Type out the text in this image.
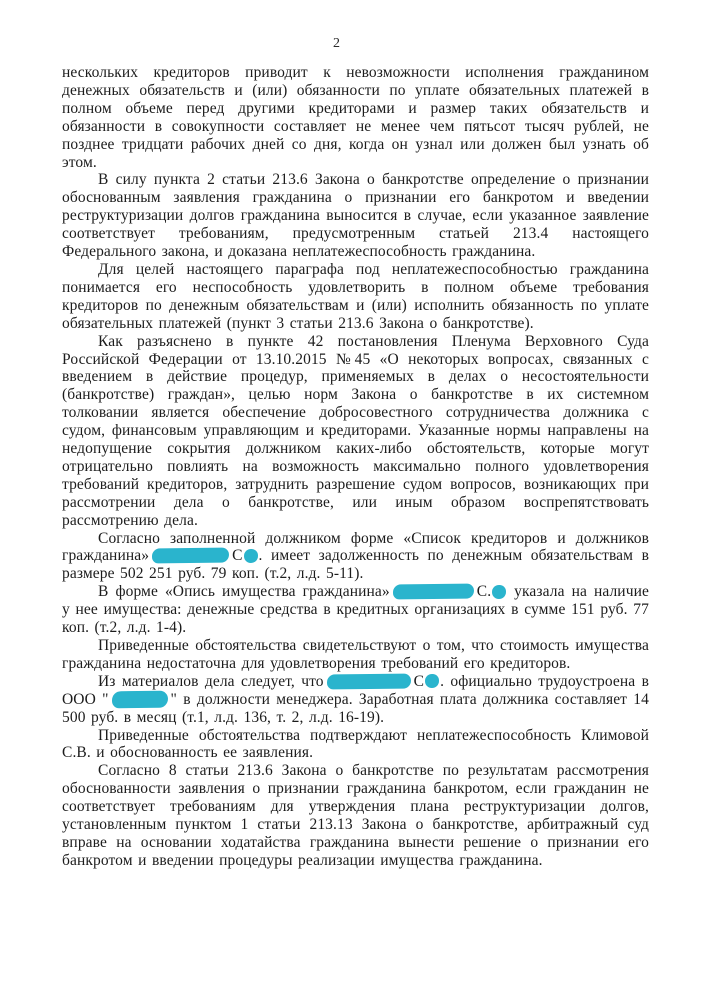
2

нескольких кредиторов приводит к невозможности исполнения гражданином денежных обязательств и (или) обязанности по уплате обязательных платежей в полном объеме перед другими кредиторами и размер таких обязательств и обязанности в совокупности составляет не менее чем пятьсот тысяч рублей, не позднее тридцати рабочих дней со дня, когда он узнал или должен был узнать об этом.

В силу пункта 2 статьи 213.6 Закона о банкротстве определение о признании обоснованным заявления гражданина о признании его банкротом и введении реструктуризации долгов гражданина выносится в случае, если указанное заявление соответствует требованиям, предусмотренным статьей 213.4 настоящего Федерального закона, и доказана неплатежеспособность гражданина.

Для целей настоящего параграфа под неплатежеспособностью гражданина понимается его неспособность удовлетворить в полном объеме требования кредиторов по денежным обязательствам и (или) исполнить обязанность по уплате обязательных платежей (пункт 3 статьи 213.6 Закона о банкротстве).

Как разъяснено в пункте 42 постановления Пленума Верховного Суда Российской Федерации от 13.10.2015 №45 «О некоторых вопросах, связанных с введением в действие процедур, применяемых в делах о несостоятельности (банкротстве) граждан», целью норм Закона о банкротстве в их системном толковании является обеспечение добросовестного сотрудничества должника с судом, финансовым управляющим и кредиторами. Указанные нормы направлены на недопущение сокрытия должником каких-либо обстоятельств, которые могут отрицательно повлиять на возможность максимально полного удовлетворения требований кредиторов, затруднить разрешение судом вопросов, возникающих при рассмотрении дела о банкротстве, или иным образом воспрепятствовать рассмотрению дела.

Согласно заполненной должником форме «Список кредиторов и должников гражданина»	С . имеет задолженность по денежным обязательствам в размере 502 251 руб. 79 коп. (т.2, л.д. 5-11).

В форме «Опись имущества гражданина»	С. указала на наличие у нее имущества: денежные средства в кредитных организациях в сумме 151 руб. 77 коп. (т.2, л.д. 1-4).

Приведенные обстоятельства свидетельствуют о том, что стоимость имущества гражданина недостаточна для удовлетворения требований его кредиторов.

Из материалов дела следует, что	С . официально трудоустроена в ООО "	" в должности менеджера. Заработная плата должника составляет 14 500 руб. в месяц (т.1, л.д. 136, т. 2, л.д. 16-19).

Приведенные обстоятельства подтверждают неплатежеспособность Климовой С.В. и обоснованность ее заявления.

Согласно 8 статьи 213.6 Закона о банкротстве по результатам рассмотрения обоснованности заявления о признании гражданина банкротом, если гражданин не соответствует требованиям для утверждения плана реструктуризации долгов, установленным пунктом 1 статьи 213.13 Закона о банкротстве, арбитражный суд вправе на основании ходатайства гражданина вынести решение о признании его банкротом и введении процедуры реализации имущества гражданина.
